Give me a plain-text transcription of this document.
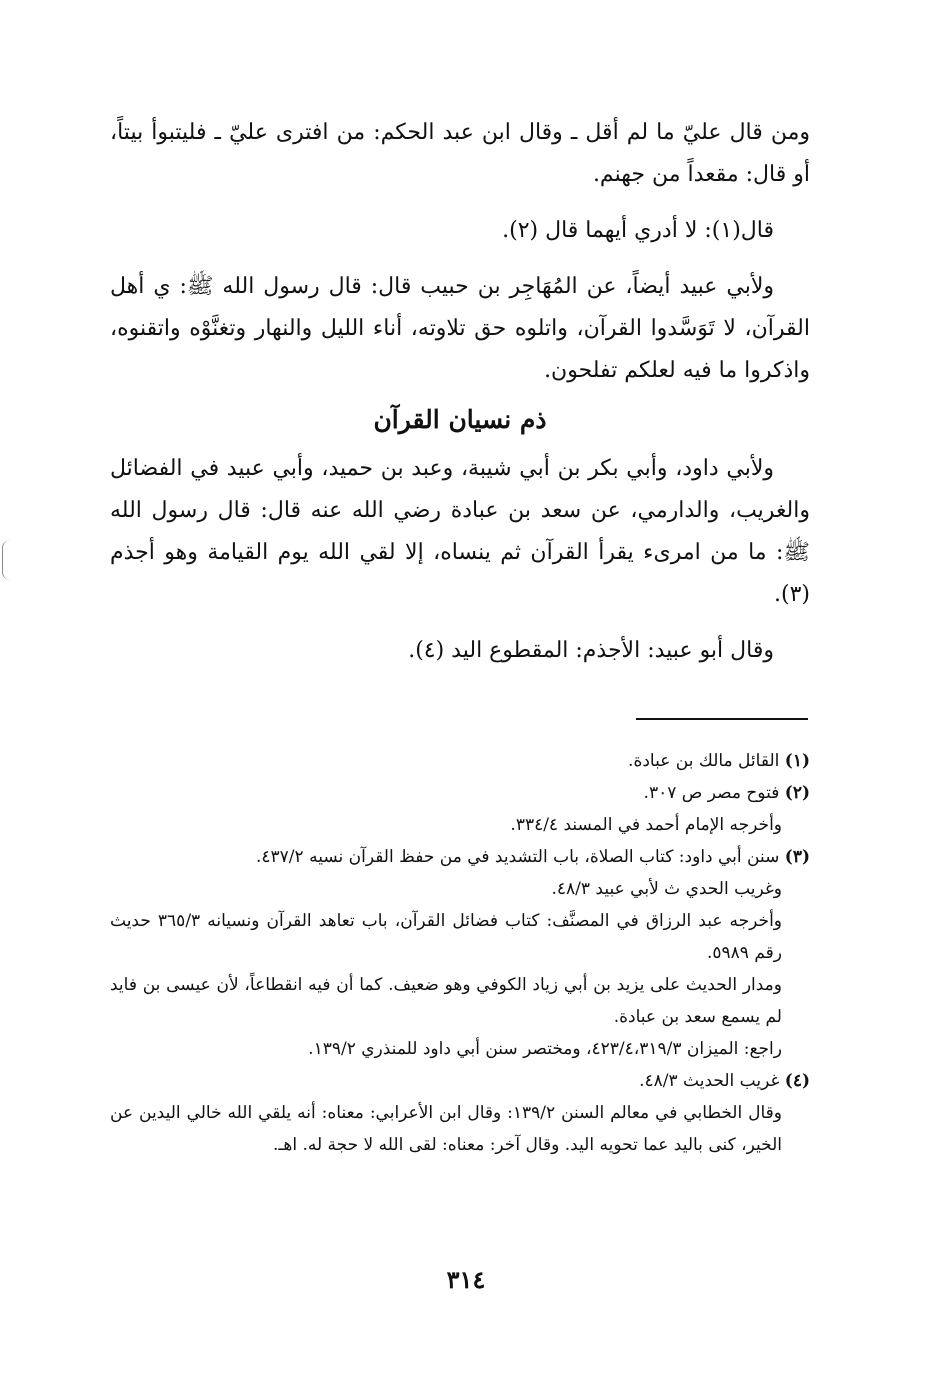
ومن قال عليّ ما لم أقل ـ وقال ابن عبد الحكم: من افترى عليّ ـ فليتبوأ بيتاً، أو قال: مقعداً من جهنم.

قال(١): لا أدري أيهما قال (٢).

ولأبي عبيد أيضاً، عن المُهَاجِر بن حبيب قال: قال رسول الله ﷺ: ي أهل القرآن، لا تَوَسَّدوا القرآن، واتلوه حق تلاوته، أناء الليل والنهار وتغنَّوْه واتقنوه، واذكروا ما فيه لعلكم تفلحون.

ذم نسيان القرآن

ولأبي داود، وأبي بكر بن أبي شيبة، وعبد بن حميد، وأبي عبيد في الفضائل والغريب، والدارمي، عن سعد بن عبادة رضي الله عنه قال: قال رسول الله ﷺ: ما من امرىء يقرأ القرآن ثم ينساه، إلا لقي الله يوم القيامة وهو أجذم (٣).

وقال أبو عبيد: الأجذم: المقطوع اليد (٤).

(١) القائل مالك بن عبادة.

(٢) فتوح مصر ص ٣٠٧.

وأخرجه الإمام أحمد في المسند ٣٣٤/٤.

(٣) سنن أبي داود: كتاب الصلاة، باب التشديد في من حفظ القرآن نسيه ٤٣٧/٢.

وغريب الحدي ث لأبي عبيد ٤٨/٣.

وأخرجه عبد الرزاق في المصنَّف: كتاب فضائل القرآن، باب تعاهد القرآن ونسيانه ٣٦٥/٣ حديث رقم ٥٩٨٩.

ومدار الحديث على يزيد بن أبي زياد الكوفي وهو ضعيف. كما أن فيه انقطاعاً، لأن عيسى بن فايد لم يسمع سعد بن عبادة.

راجع: الميزان ٤٢٣/٤،٣١٩/٣، ومختصر سنن أبي داود للمنذري ١٣٩/٢.

(٤) غريب الحديث ٤٨/٣.

وقال الخطابي في معالم السنن ١٣٩/٢: وقال ابن الأعرابي: معناه: أنه يلقي الله خالي اليدين عن الخير، كنى باليد عما تحويه اليد. وقال آخر: معناه: لقى الله لا حجة له. اهـ.

٣١٤
